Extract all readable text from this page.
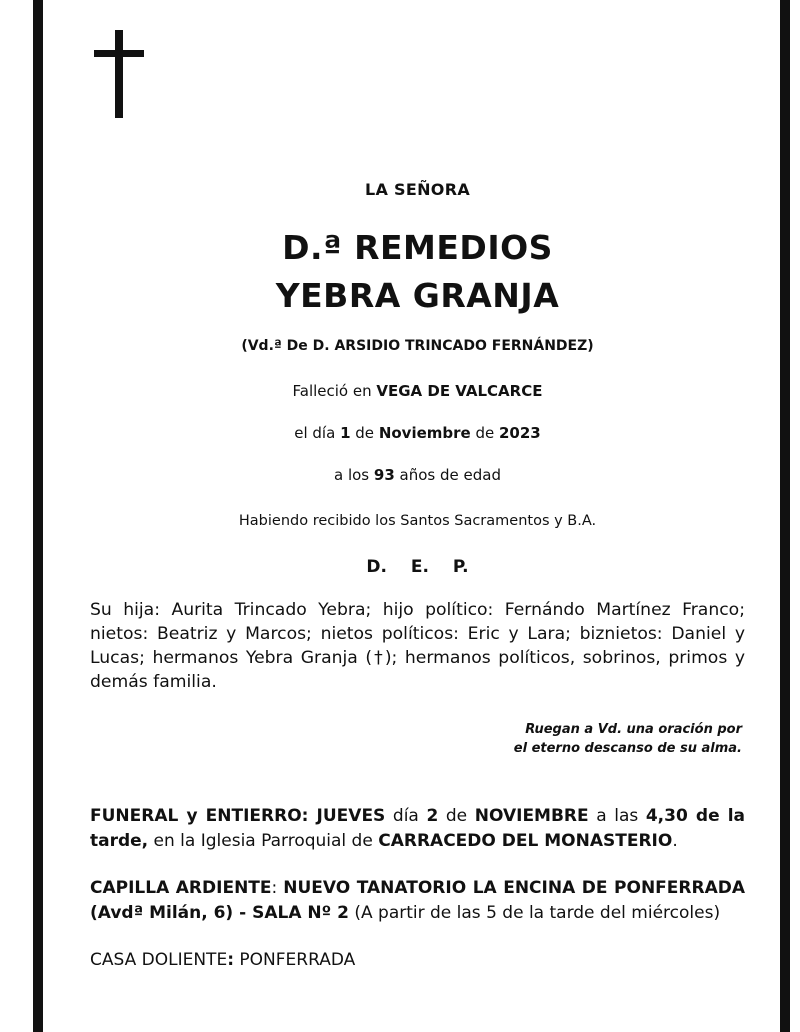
LA SEÑORA
D.ª REMEDIOS
YEBRA GRANJA
(Vd.ª De D. ARSIDIO TRINCADO FERNÁNDEZ)
Falleció en VEGA DE VALCARCE
el día 1 de Noviembre de 2023
a los 93 años de edad
Habiendo recibido los Santos Sacramentos y B.A.
D. E. P.
Su hija: Aurita Trincado Yebra; hijo político: Fernándo Martínez Franco; nietos: Beatriz y Marcos; nietos políticos: Eric y Lara; biznietos: Daniel y Lucas; hermanos Yebra Granja (†); hermanos políticos, sobrinos, primos y demás familia.
Ruegan a Vd. una oración por
el eterno descanso de su alma.
FUNERAL y ENTIERRO: JUEVES día 2 de NOVIEMBRE a las 4,30 de la tarde, en la Iglesia Parroquial de CARRACEDO DEL MONASTERIO.
CAPILLA ARDIENTE: NUEVO TANATORIO LA ENCINA DE PONFERRADA (Avdª Milán, 6) - SALA Nº 2 (A partir de las 5 de la tarde del miércoles)
CASA DOLIENTE: PONFERRADA
